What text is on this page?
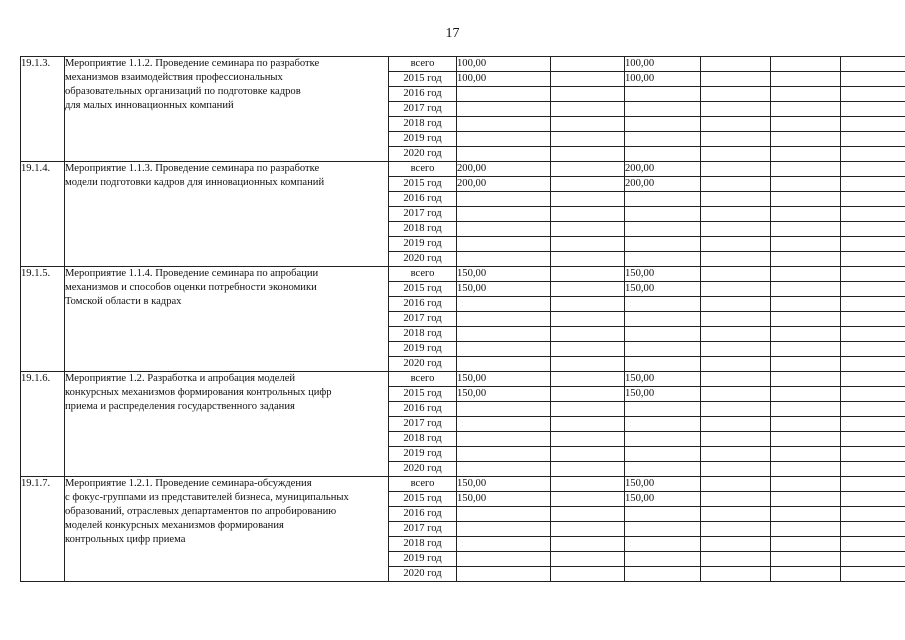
17
19.1.3.	Мероприятие 1.1.2. Проведение семинара по разработке
механизмов взаимодействия профессиональных
образовательных организаций по подготовке кадров
для малых инновационных компаний	всего	100,00		100,00			
		2015 год	100,00		100,00			
		2016 год						
		2017 год						
		2018 год						
		2019 год						
		2020 год						
19.1.4.	Мероприятие 1.1.3. Проведение семинара по разработке
модели подготовки кадров для инновационных компаний	всего	200,00		200,00			
		2015 год	200,00		200,00			
		2016 год						
		2017 год						
		2018 год						
		2019 год						
		2020 год						
19.1.5.	Мероприятие 1.1.4. Проведение семинара по апробации
механизмов и способов оценки потребности экономики
Томской области в кадрах	всего	150,00		150,00			
		2015 год	150,00		150,00			
		2016 год						
		2017 год						
		2018 год						
		2019 год						
		2020 год						
19.1.6.	Мероприятие 1.2. Разработка и апробация моделей
конкурсных механизмов формирования контрольных цифр
приема и распределения государственного задания	всего	150,00		150,00			
		2015 год	150,00		150,00			
		2016 год						
		2017 год						
		2018 год						
		2019 год						
		2020 год						
19.1.7.	Мероприятие 1.2.1. Проведение семинара-обсуждения
с фокус-группами из представителей бизнеса, муниципальных
образований, отраслевых департаментов по апробированию
моделей конкурсных механизмов формирования
контрольных цифр приема	всего	150,00		150,00			
		2015 год	150,00		150,00			
		2016 год						
		2017 год						
		2018 год						
		2019 год						
		2020 год						
